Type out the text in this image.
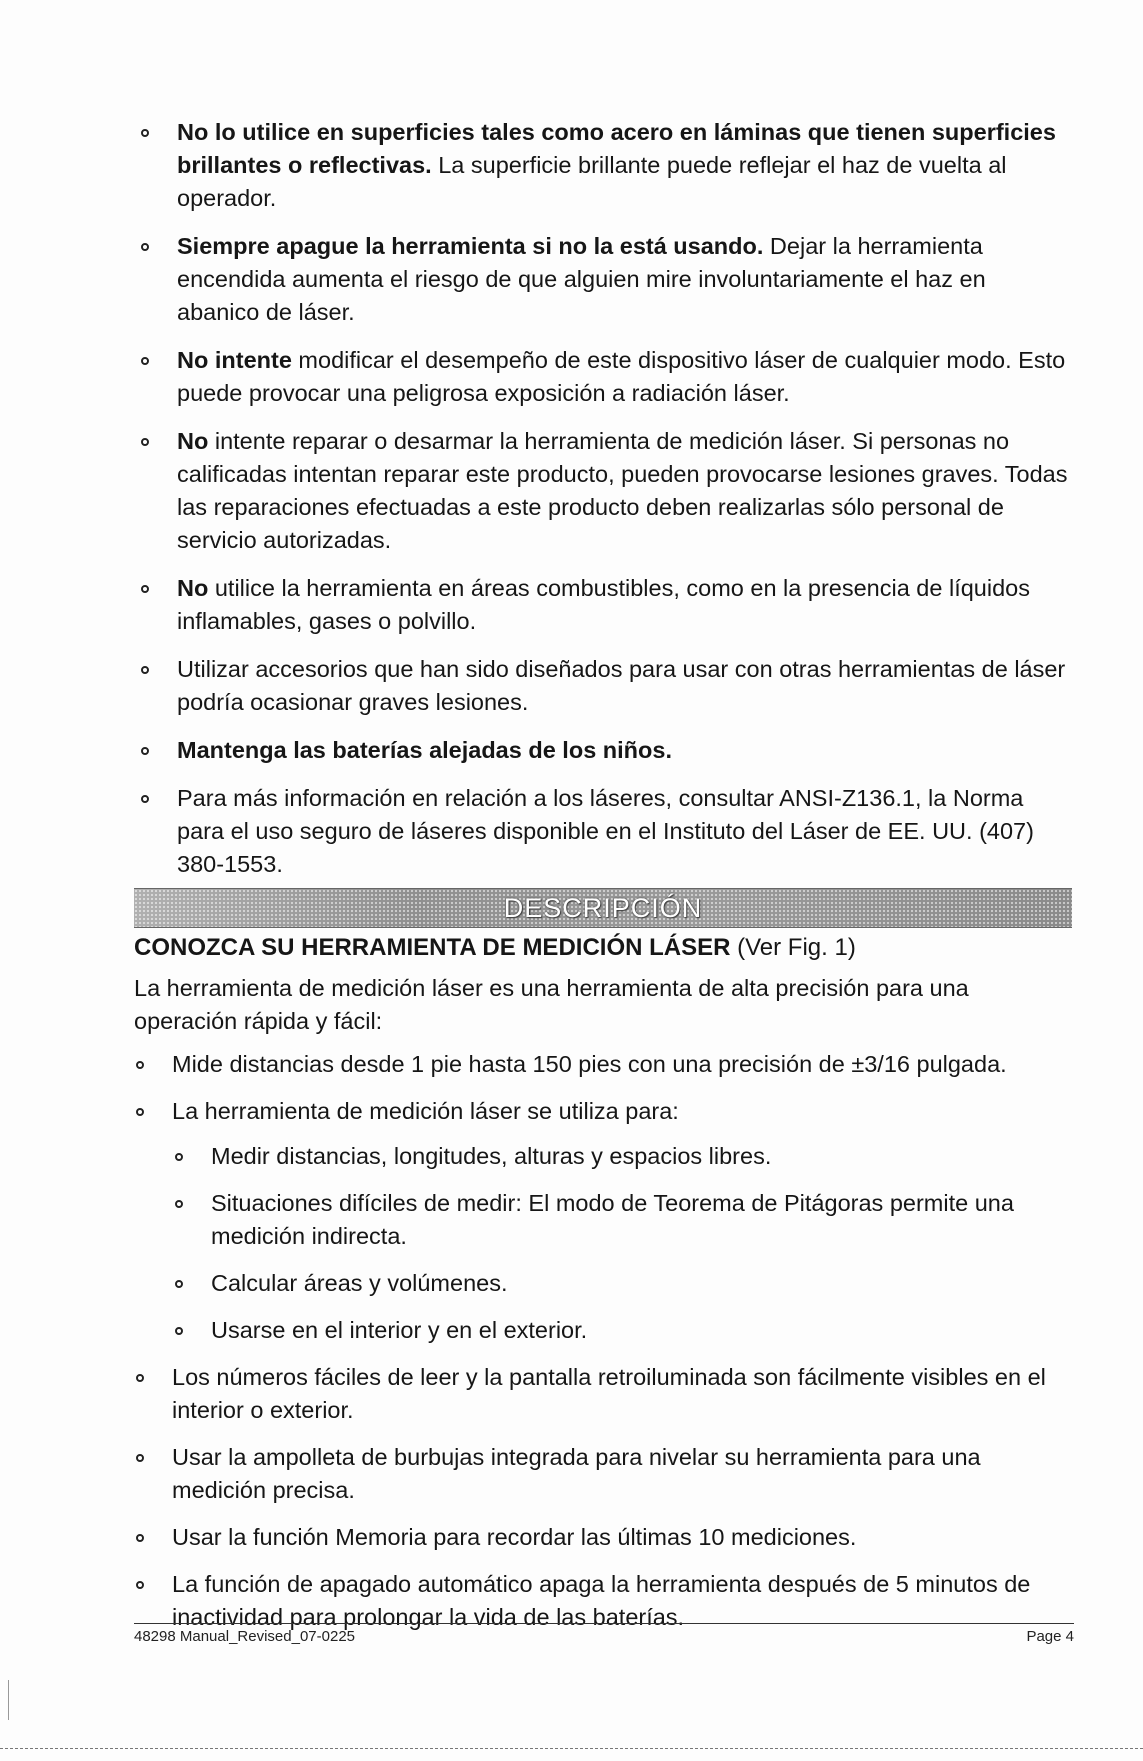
No lo utilice en superficies tales como acero en láminas que tienen superficies brillantes o reflectivas. La superficie brillante puede reflejar el haz de vuelta al operador.
Siempre apague la herramienta si no la está usando. Dejar la herramienta encendida aumenta el riesgo de que alguien mire involuntariamente el haz en abanico de láser.
No intente modificar el desempeño de este dispositivo láser de cualquier modo. Esto puede provocar una peligrosa exposición a radiación láser.
No intente reparar o desarmar la herramienta de medición láser. Si personas no calificadas intentan reparar este producto, pueden provocarse lesiones graves. Todas las reparaciones efectuadas a este producto deben realizarlas sólo personal de servicio autorizadas.
No utilice la herramienta en áreas combustibles, como en la presencia de líquidos inflamables, gases o polvillo.
Utilizar accesorios que han sido diseñados para usar con otras herramientas de láser podría ocasionar graves lesiones.
Mantenga las baterías alejadas de los niños.
Para más información en relación a los láseres, consultar ANSI-Z136.1, la Norma para el uso seguro de láseres disponible en el Instituto del Láser de EE. UU. (407) 380-1553.
DESCRIPCIÓN
CONOZCA SU HERRAMIENTA DE MEDICIÓN LÁSER (Ver Fig. 1)

La herramienta de medición láser es una herramienta de alta precisión para una operación rápida y fácil:

Mide distancias desde 1 pie hasta 150 pies con una precisión de ±3/16 pulgada.
La herramienta de medición láser se utiliza para:
Medir distancias, longitudes, alturas y espacios libres.
Situaciones difíciles de medir: El modo de Teorema de Pitágoras permite una medición indirecta.
Calcular áreas y volúmenes.
Usarse en el interior y en el exterior.
Los números fáciles de leer y la pantalla retroiluminada son fácilmente visibles en el interior o exterior.
Usar la ampolleta de burbujas integrada para nivelar su herramienta para una medición precisa.
Usar la función Memoria para recordar las últimas 10 mediciones.
La función de apagado automático apaga la herramienta después de 5 minutos de inactividad para prolongar la vida de las baterías.
48298 Manual_Revised_07-0225	Page 4
